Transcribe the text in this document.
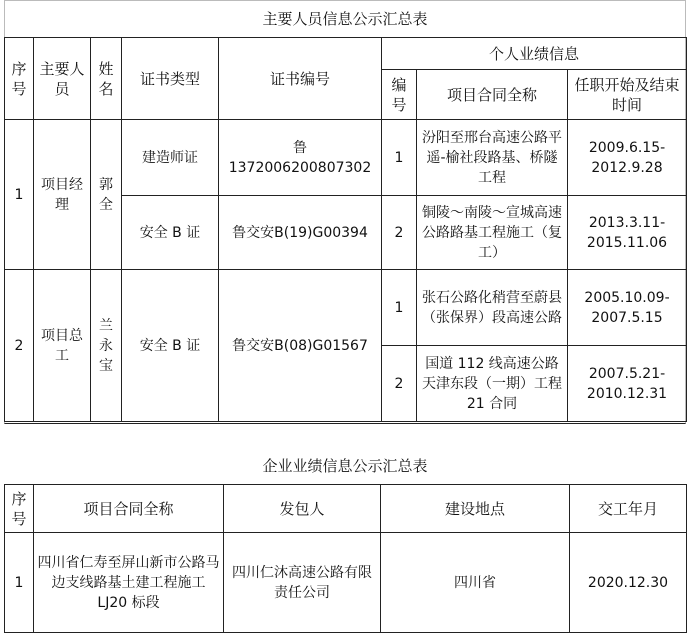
主要人员信息公示汇总表
序号	主要人员	姓名	证书类型	证书编号	个人业绩信息		
					编号	项目合同全称	任职开始及结束时间
1	项目经理	郭全	建造师证	鲁 1372006200807302	1	汾阳至邢台高速公路平遥-榆社段路基、桥隧工程	2009.6.15-2012.9.28
			安全 B 证	鲁交安B(19)G00394	2	铜陵～南陵～宣城高速公路路基工程施工（复工）	2013.3.11-2015.11.06
2	项目总工	兰永宝	安全 B 证	鲁交安B(08)G01567	1	张石公路化稍营至蔚县（张保界）段高速公路	2005.10.09-2007.5.15
					2	国道 112 线高速公路天津东段（一期）工程 21 合同	2007.5.21-2010.12.31
企业业绩信息公示汇总表
序号	项目合同全称	发包人	建设地点	交工年月
1	四川省仁寿至屏山新市公路马边支线路基土建工程施工 LJ20 标段	四川仁沐高速公路有限责任公司	四川省	2020.12.30
